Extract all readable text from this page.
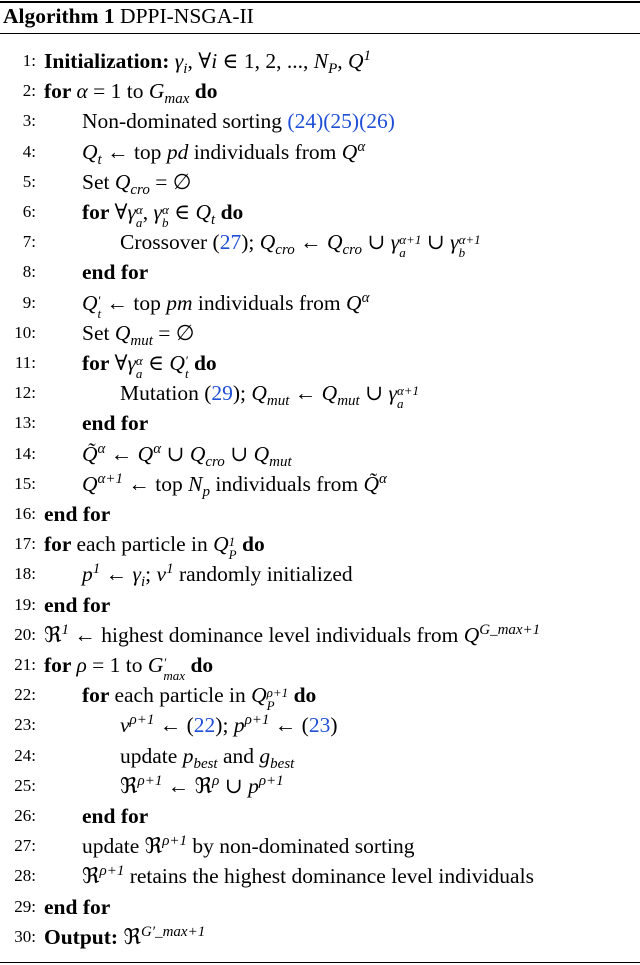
Algorithm 1 DPPI-NSGA-II
1: Initialization: $\gamma_i$, ∀i ∈ 1, 2, ..., $N_P$, $Q^1$
2: for α = 1 to $G_{max}$ do
3: Non-dominated sorting (24)(25)(26)
4: $Q_t$ ← top pd individuals from $Q^\alpha$
5: Set $Q_{cro}$ = ∅
6: for ∀γ α
a , γ α
b ∈ $Q_t$ do
7:	Crossover (27); $Q_{cro}$ ← $Q_{cro}$ ∪ γ α+1
a ∪ γ α+1
b
8: end for
9: Q ′
t ← top pm individuals from $Q^\alpha$
10: Set $Q_{mut}$ = ∅
11: for ∀γ α
a ∈ Q ′
t do
12:	Mutation (29); $Q_{mut}$ ← $Q_{mut}$ ∪ γ α+1
a
13: end for
14: Q̃$^\alpha$ ← $Q^\alpha$ ∪ $Q_{cro}$ ∪ $Q_{mut}$
15: $Q^{\alpha+1}$ ← top $N_p$ individuals from Q̃$^\alpha$
16: end for
17: for each particle in Q 1
P do
18: $p^1$ ← $\gamma_i$; $v^1$ randomly initialized
19: end for
20: ℜ$^1$ ← highest dominance level individuals from $Q^{G\_max+1}$
21: for ρ = 1 to G ′
max do
22: for each particle in Q ρ+1
P do
23:	$v^{\rho+1}$ ← (22); $p^{\rho+1}$ ← (23)
24:	update $p_{best}$ and $g_{best}$
25:	ℜ$^{\rho+1}$ ← ℜ$^\rho$ ∪ $p^{\rho+1}$
26: end for
27: update ℜ$^{\rho+1}$ by non-dominated sorting
28: ℜ$^{\rho+1}$ retains the highest dominance level individuals
29: end for
30: Output: ℜ$^{G'\_max+1}$
